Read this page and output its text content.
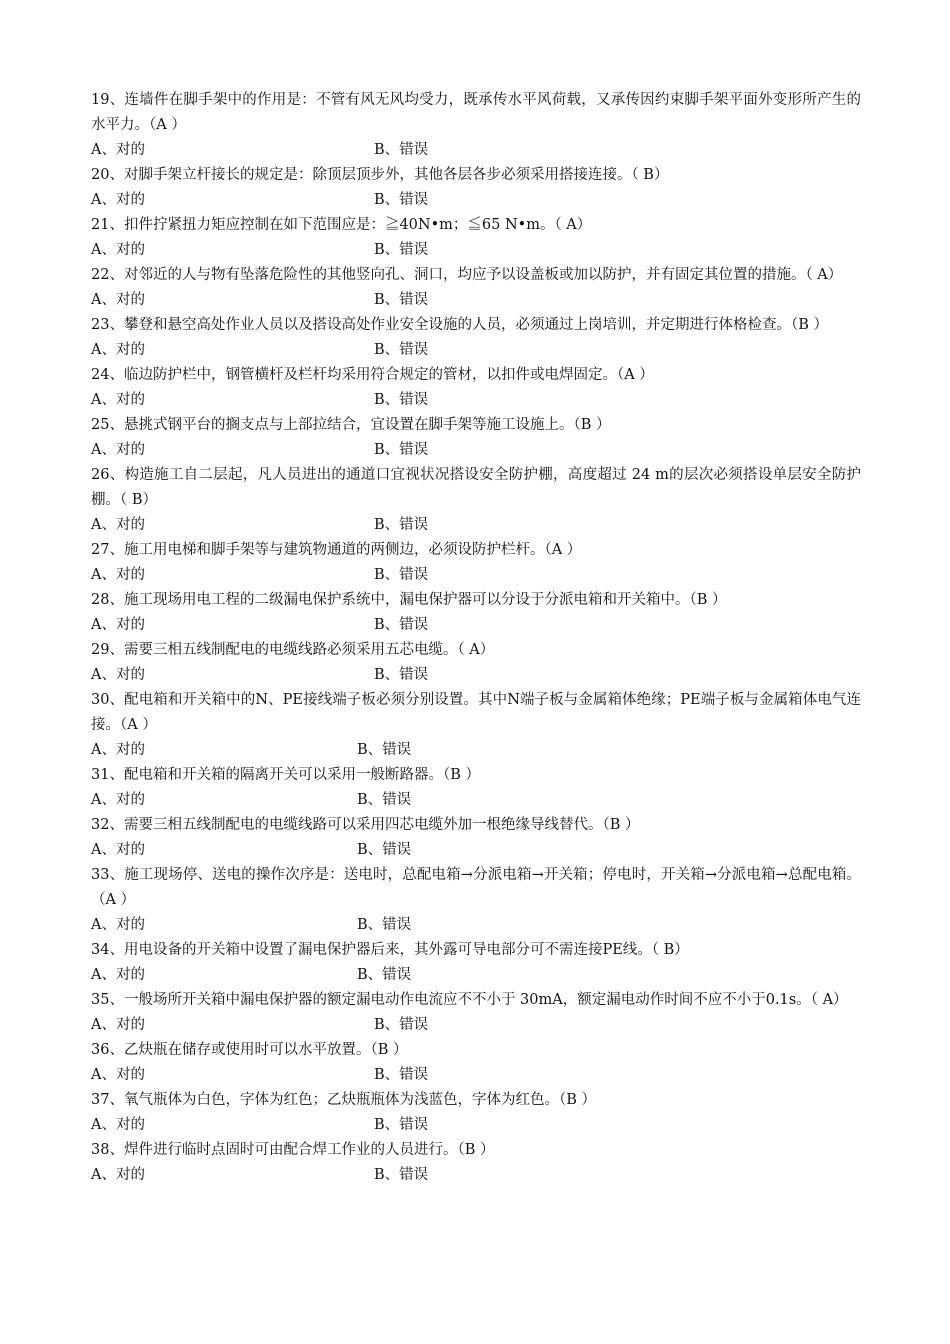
19、连墙件在脚手架中的作用是：不管有风无风均受力，既承传水平风荷载，又承传因约束脚手架平面外变形所产生的水平力。（A ）

A、对的	B、错误

20、对脚手架立杆接长的规定是：除顶层顶步外，其他各层各步必须采用搭接连接。（ B）

A、对的	B、错误

21、扣件拧紧扭力矩应控制在如下范围应是：≧40N•m；≦65 N•m。（ A）

A、对的	B、错误

22、对邻近的人与物有坠落危险性的其他竖向孔、洞口，均应予以设盖板或加以防护，并有固定其位置的措施。（ A）

A、对的	B、错误

23、攀登和悬空高处作业人员以及搭设高处作业安全设施的人员，必须通过上岗培训，并定期进行体格检查。（B ）

A、对的	B、错误

24、临边防护栏中，钢管横杆及栏杆均采用符合规定的管材，以扣件或电焊固定。（A ）

A、对的	B、错误

25、悬挑式钢平台的搁支点与上部拉结合，宜设置在脚手架等施工设施上。（B ）

A、对的	B、错误

26、构造施工自二层起，凡人员进出的通道口宜视状况搭设安全防护棚，高度超过 24 m的层次必须搭设单层安全防护棚。（ B）

A、对的	B、错误

27、施工用电梯和脚手架等与建筑物通道的两侧边，必须设防护栏杆。（A ）

A、对的	B、错误

28、施工现场用电工程的二级漏电保护系统中，漏电保护器可以分设于分派电箱和开关箱中。（B ）

A、对的	B、错误

29、需要三相五线制配电的电缆线路必须采用五芯电缆。（ A）

A、对的	B、错误

30、配电箱和开关箱中的N、PE接线端子板必须分别设置。其中N端子板与金属箱体绝缘；PE端子板与金属箱体电气连接。（A ）

A、对的	B、错误

31、配电箱和开关箱的隔离开关可以采用一般断路器。（B ）

A、对的	B、错误

32、需要三相五线制配电的电缆线路可以采用四芯电缆外加一根绝缘导线替代。（B ）

A、对的	B、错误

33、施工现场停、送电的操作次序是：送电时，总配电箱→分派电箱→开关箱；停电时，开关箱→分派电箱→总配电箱。（A ）

A、对的	B、错误

34、用电设备的开关箱中设置了漏电保护器后来，其外露可导电部分可不需连接PE线。（ B）

A、对的	B、错误

35、一般场所开关箱中漏电保护器的额定漏电动作电流应不不小于 30mA，额定漏电动作时间不应不小于0.1s。（ A）

A、对的	B、错误

36、乙炔瓶在储存或使用时可以水平放置。（B ）

A、对的	B、错误

37、氧气瓶体为白色，字体为红色；乙炔瓶瓶体为浅蓝色，字体为红色。（B ）

A、对的	B、错误

38、焊件进行临时点固时可由配合焊工作业的人员进行。（B ）

A、对的	B、错误
